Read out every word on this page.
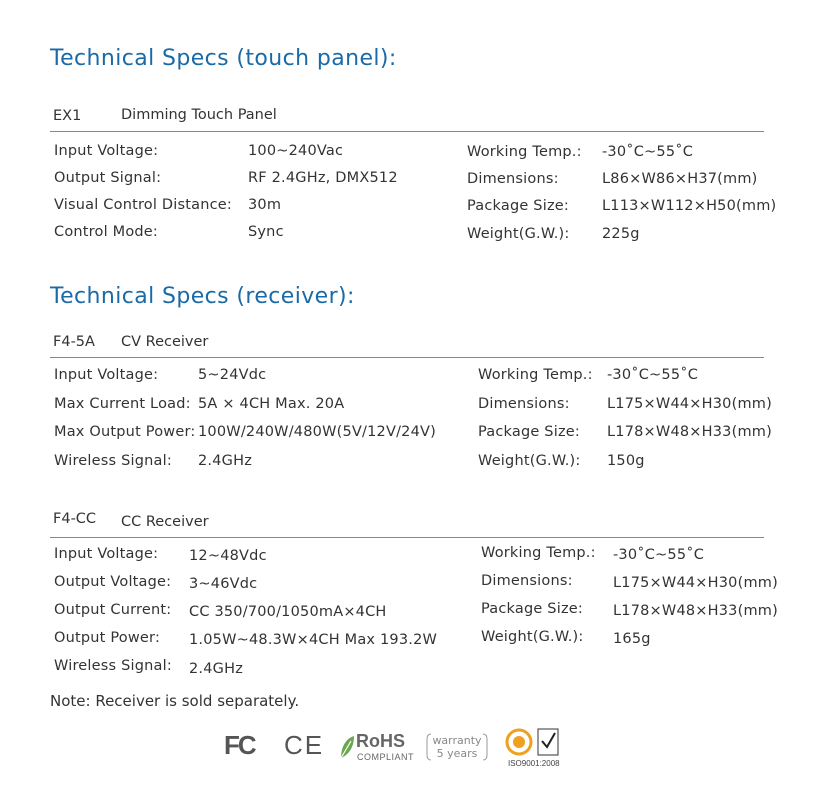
Technical Specs (touch panel):
EX1	Dimming Touch Panel
Input Voltage:	100~240Vac
Output Signal:	RF 2.4GHz, DMX512
Visual Control Distance: 30m
Control Mode:	Sync
Working Temp.: -30˚C~55˚C
Dimensions:	L86×W86×H37(mm)
Package Size: L113×W112×H50(mm)
Weight(G.W.): 225g
Technical Specs (receiver):
F4-5A CV Receiver
Input Voltage:	5~24Vdc
Max Current Load: 5A × 4CH Max. 20A
Max Output Power: 100W/240W/480W(5V/12V/24V)
Wireless Signal: 2.4GHz
Working Temp.: -30˚C~55˚C
Dimensions:	L175×W44×H30(mm)
Package Size: L178×W48×H33(mm)
Weight(G.W.): 150g
F4-CC CC Receiver
Input Voltage: 12~48Vdc
Output Voltage: 3~46Vdc
Output Current: CC 350/700/1050mA×4CH
Output Power: 1.05W~48.3W×4CH Max 193.2W
Wireless Signal: 2.4GHz
Working Temp.: -30˚C~55˚C
Dimensions:	L175×W44×H30(mm)
Package Size: L178×W48×H33(mm)
Weight(G.W.): 165g
Note: Receiver is sold separately.
FC CE RoHS
COMPLIANT
warranty
5 years
ISO9001:2008
